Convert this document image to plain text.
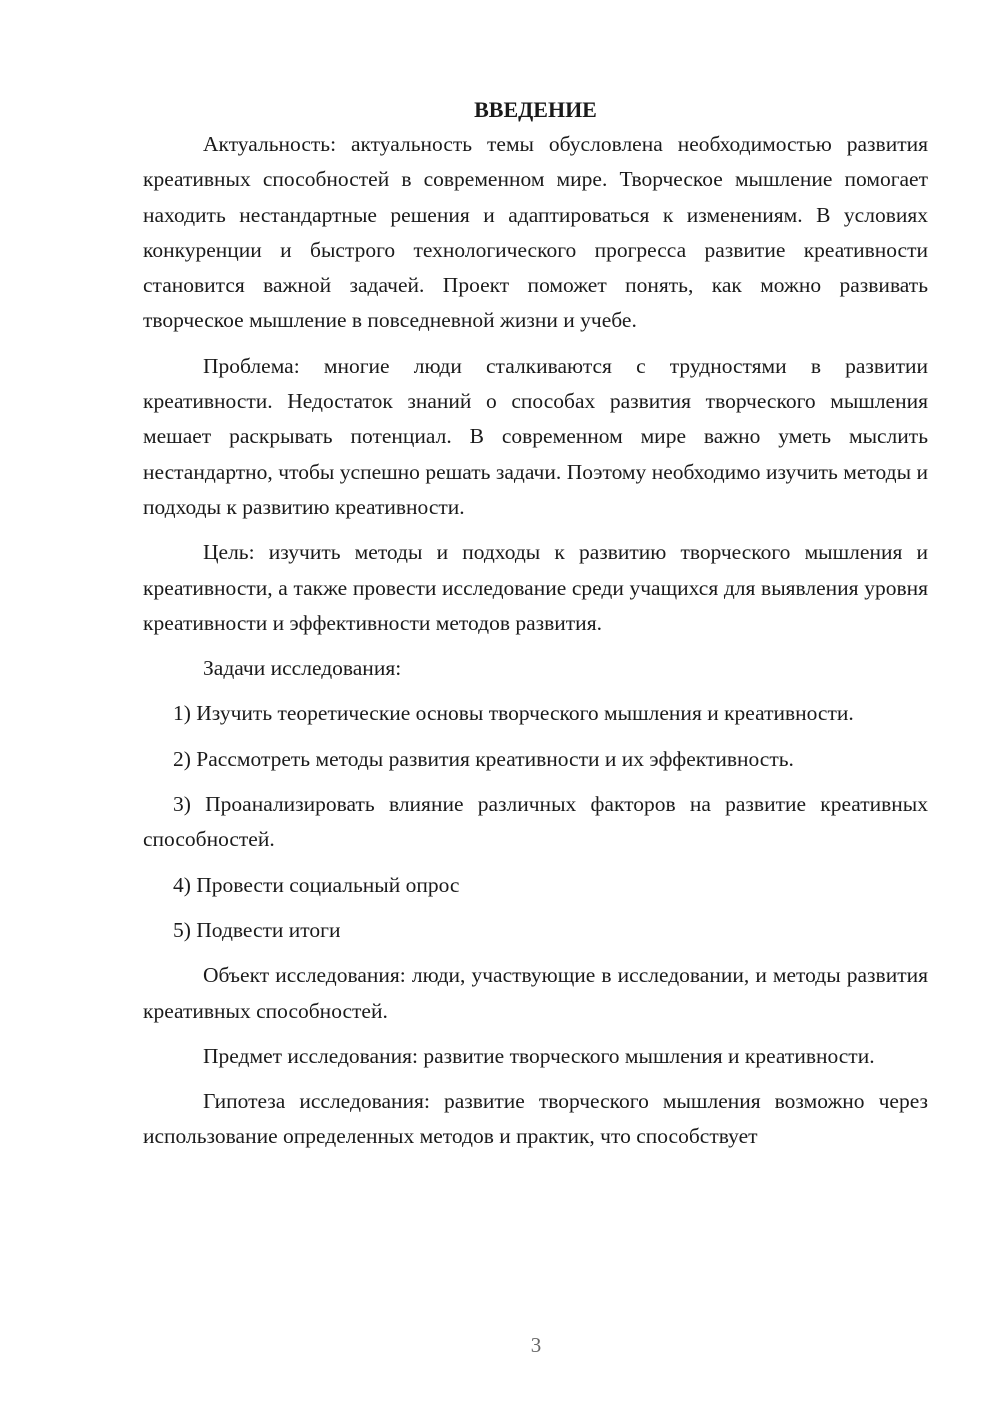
ВВЕДЕНИЕ

Актуальность: актуальность темы обусловлена необходимостью развития креативных способностей в современном мире. Творческое мышление помогает находить нестандартные решения и адаптироваться к изменениям. В условиях конкуренции и быстрого технологического прогресса развитие креативности становится важной задачей. Проект поможет понять, как можно развивать творческое мышление в повседневной жизни и учебе.

Проблема: многие люди сталкиваются с трудностями в развитии креативности. Недостаток знаний о способах развития творческого мышления мешает раскрывать потенциал. В современном мире важно уметь мыслить нестандартно, чтобы успешно решать задачи. Поэтому необходимо изучить методы и подходы к развитию креативности.

Цель: изучить методы и подходы к развитию творческого мышления и креативности, а также провести исследование среди учащихся для выявления уровня креативности и эффективности методов развития.

Задачи исследования:

1) Изучить теоретические основы творческого мышления и креативности.

2) Рассмотреть методы развития креативности и их эффективность.

3) Проанализировать влияние различных факторов на развитие креативных способностей.

4) Провести социальный опрос

5) Подвести итоги

Объект исследования: люди, участвующие в исследовании, и методы развития креативных способностей.

Предмет исследования: развитие творческого мышления и креативности.

Гипотеза исследования: развитие творческого мышления возможно через использование определенных методов и практик, что способствует

3
